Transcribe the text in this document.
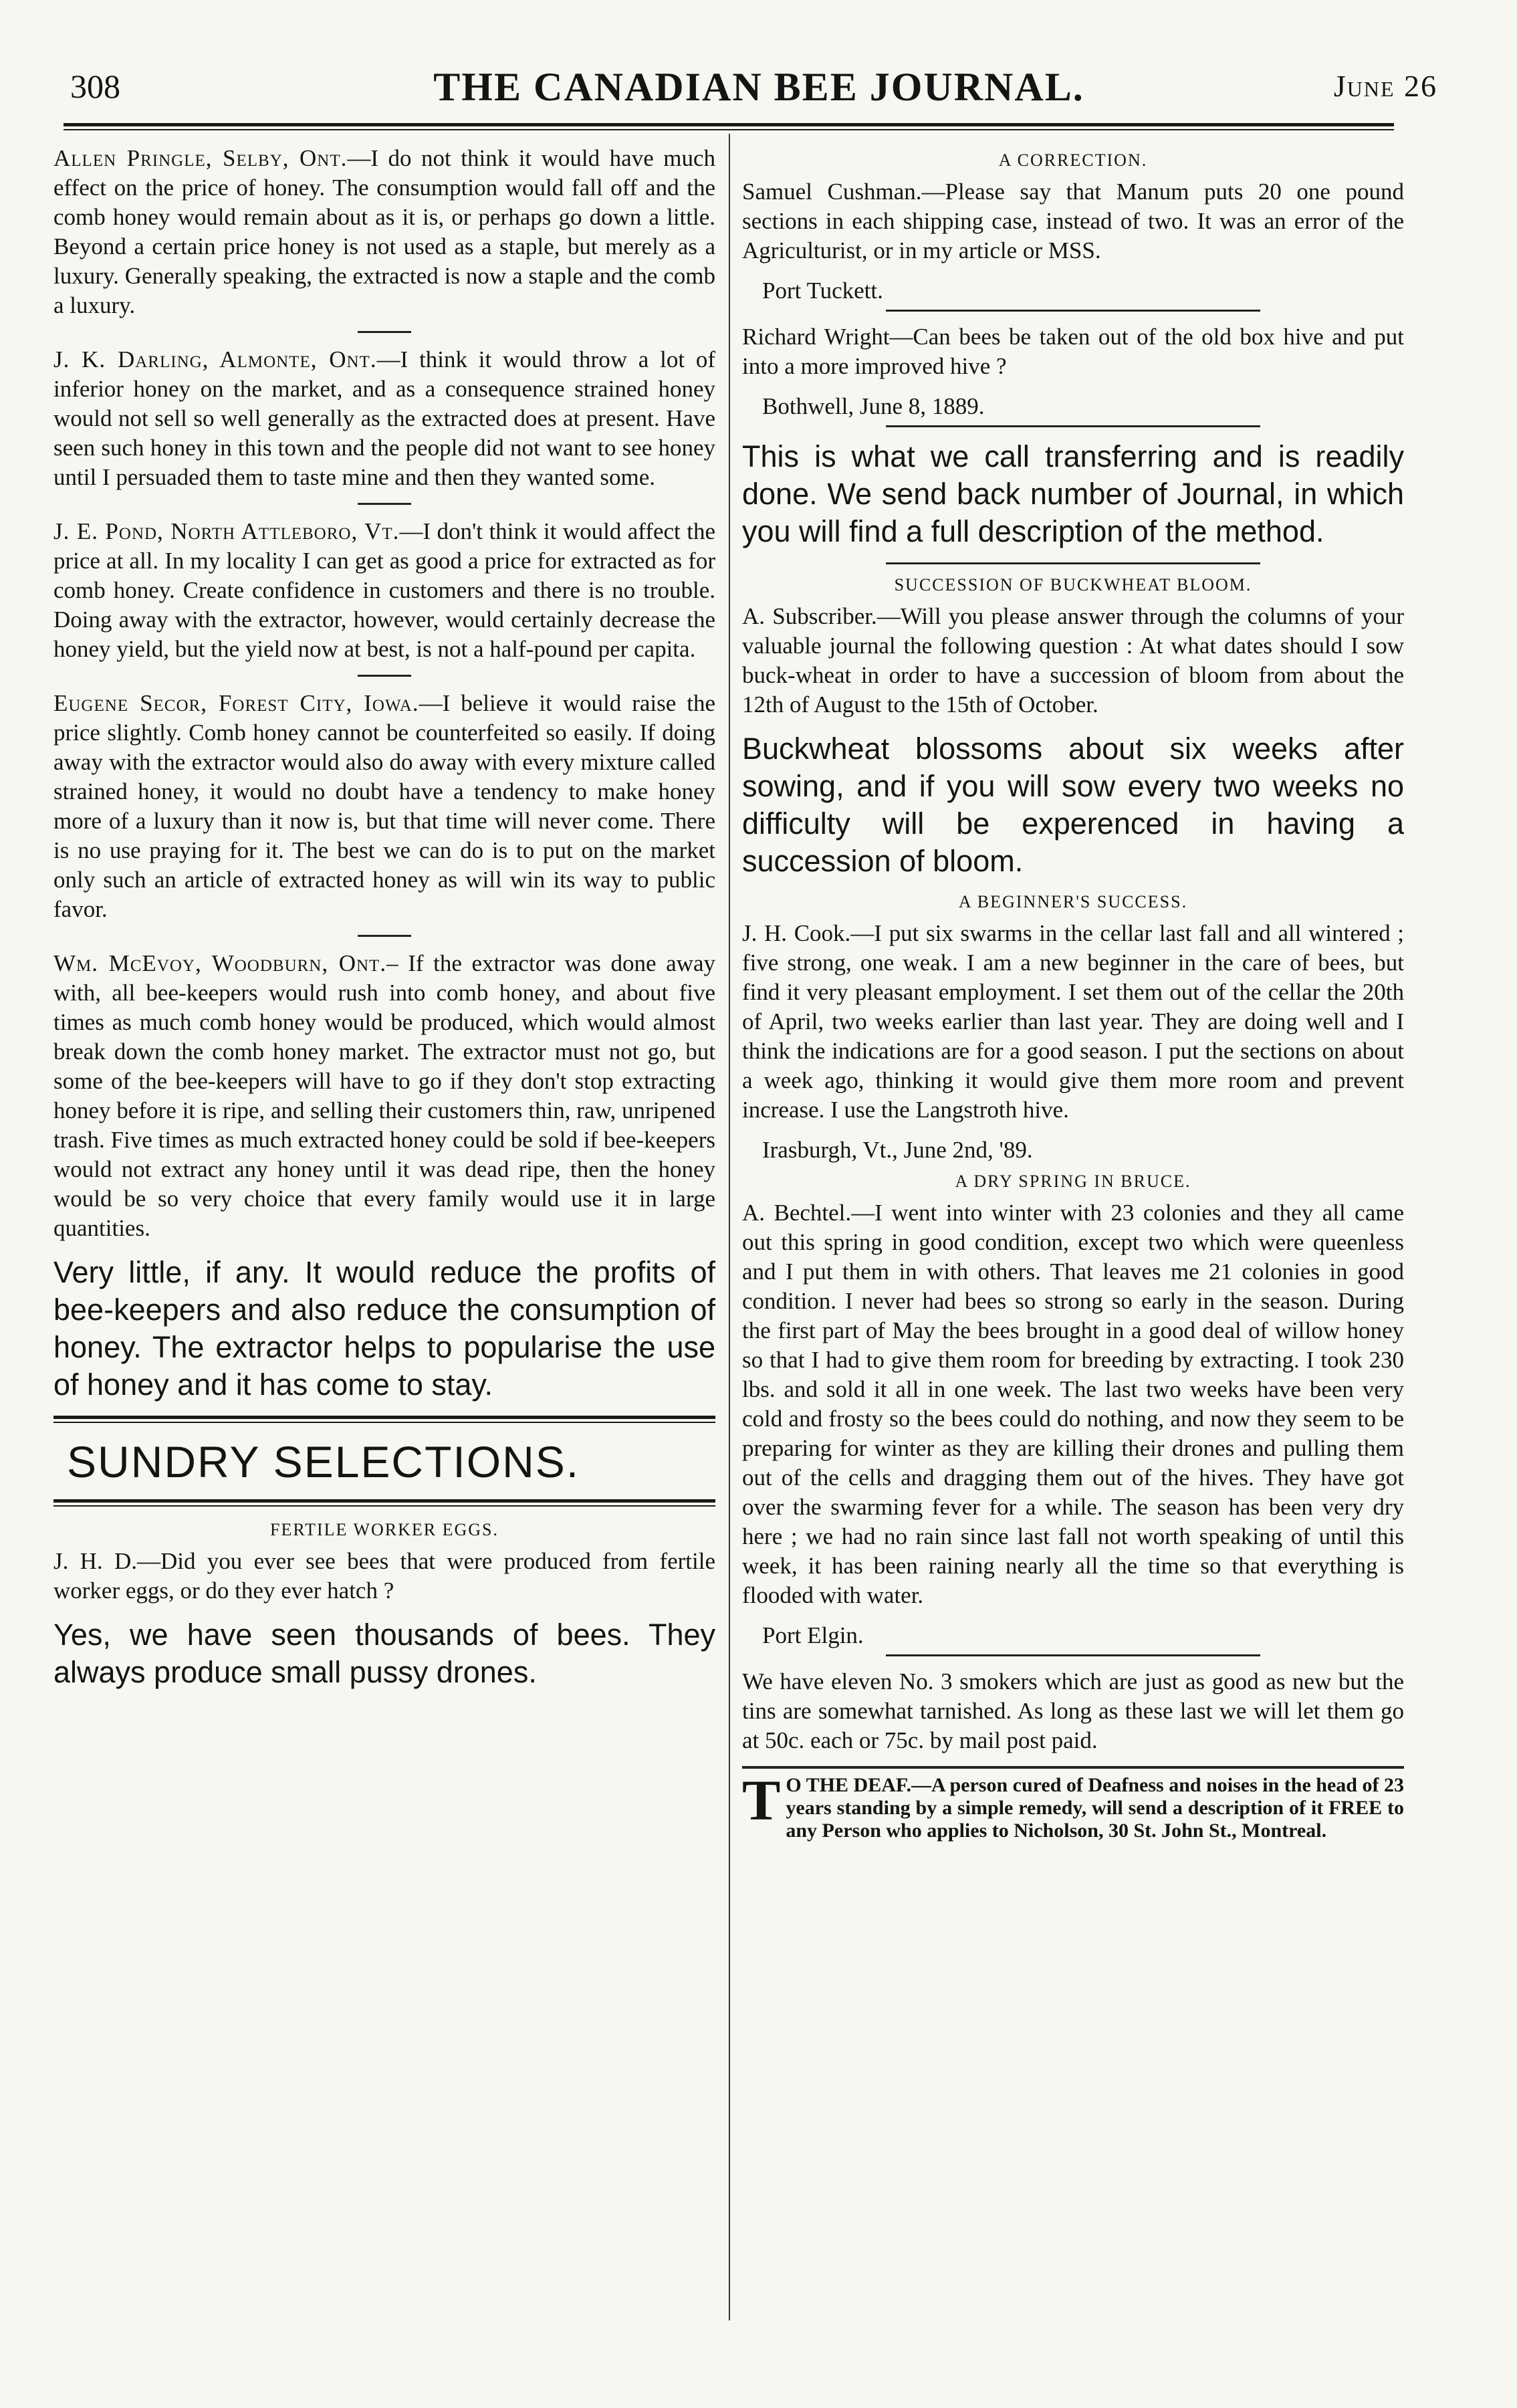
308	THE CANADIAN BEE JOURNAL.	June 26

Allen Pringle, Selby, Ont.—I do not think it would have much effect on the price of honey. The consumption would fall off and the comb honey would remain about as it is, or perhaps go down a little. Beyond a certain price honey is not used as a staple, but merely as a luxury. Generally speaking, the extracted is now a staple and the comb a luxury.

J. K. Darling, Almonte, Ont.—I think it would throw a lot of inferior honey on the market, and as a consequence strained honey would not sell so well generally as the extracted does at present. Have seen such honey in this town and the people did not want to see honey until I persuaded them to taste mine and then they wanted some.

J. E. Pond, North Attleboro, Vt.—I don't think it would affect the price at all. In my locality I can get as good a price for extracted as for comb honey. Create confidence in customers and there is no trouble. Doing away with the extractor, however, would certainly decrease the honey yield, but the yield now at best, is not a half-pound per capita.

Eugene Secor, Forest City, Iowa.—I believe it would raise the price slightly. Comb honey cannot be counterfeited so easily. If doing away with the extractor would also do away with every mixture called strained honey, it would no doubt have a tendency to make honey more of a luxury than it now is, but that time will never come. There is no use praying for it. The best we can do is to put on the market only such an article of extracted honey as will win its way to public favor.

Wm. McEvoy, Woodburn, Ont.– If the extractor was done away with, all bee-keepers would rush into comb honey, and about five times as much comb honey would be produced, which would almost break down the comb honey market. The extractor must not go, but some of the bee-keepers will have to go if they don't stop extracting honey before it is ripe, and selling their customers thin, raw, unripened trash. Five times as much extracted honey could be sold if bee-keepers would not extract any honey until it was dead ripe, then the honey would be so very choice that every family would use it in large quantities.

Very little, if any. It would reduce the profits of bee-keepers and also reduce the consumption of honey. The extractor helps to popularise the use of honey and it has come to stay.

SUNDRY SELECTIONS.
FERTILE WORKER EGGS.

J. H. D.—Did you ever see bees that were produced from fertile worker eggs, or do they ever hatch ?

Yes, we have seen thousands of bees. They always produce small pussy drones.

A CORRECTION.

Samuel Cushman.—Please say that Manum puts 20 one pound sections in each shipping case, instead of two. It was an error of the Agriculturist, or in my article or MSS.

Port Tuckett.

Richard Wright—Can bees be taken out of the old box hive and put into a more improved hive ?

Bothwell, June 8, 1889.

This is what we call transferring and is readily done. We send back number of Journal, in which you will find a full description of the method.

SUCCESSION OF BUCKWHEAT BLOOM.

A. Subscriber.—Will you please answer through the columns of your valuable journal the following question : At what dates should I sow buck-wheat in order to have a succession of bloom from about the 12th of August to the 15th of October.

Buckwheat blossoms about six weeks after sowing, and if you will sow every two weeks no difficulty will be experenced in having a succession of bloom.

A BEGINNER'S SUCCESS.

J. H. Cook.—I put six swarms in the cellar last fall and all wintered ; five strong, one weak. I am a new beginner in the care of bees, but find it very pleasant employment. I set them out of the cellar the 20th of April, two weeks earlier than last year. They are doing well and I think the indications are for a good season. I put the sections on about a week ago, thinking it would give them more room and prevent increase. I use the Langstroth hive.

Irasburgh, Vt., June 2nd, '89.

A DRY SPRING IN BRUCE.

A. Bechtel.—I went into winter with 23 colonies and they all came out this spring in good condition, except two which were queenless and I put them in with others. That leaves me 21 colonies in good condition. I never had bees so strong so early in the season. During the first part of May the bees brought in a good deal of willow honey so that I had to give them room for breeding by extracting. I took 230 lbs. and sold it all in one week. The last two weeks have been very cold and frosty so the bees could do nothing, and now they seem to be preparing for winter as they are killing their drones and pulling them out of the cells and dragging them out of the hives. They have got over the swarming fever for a while. The season has been very dry here ; we had no rain since last fall not worth speaking of until this week, it has been raining nearly all the time so that everything is flooded with water.

Port Elgin.

We have eleven No. 3 smokers which are just as good as new but the tins are somewhat tarnished. As long as these last we will let them go at 50c. each or 75c. by mail post paid.

T O THE DEAF.—A person cured of Deafness and noises in the head of 23 years standing by a simple remedy, will send a description of it FREE to any Person who applies to Nicholson, 30 St. John St., Montreal.
